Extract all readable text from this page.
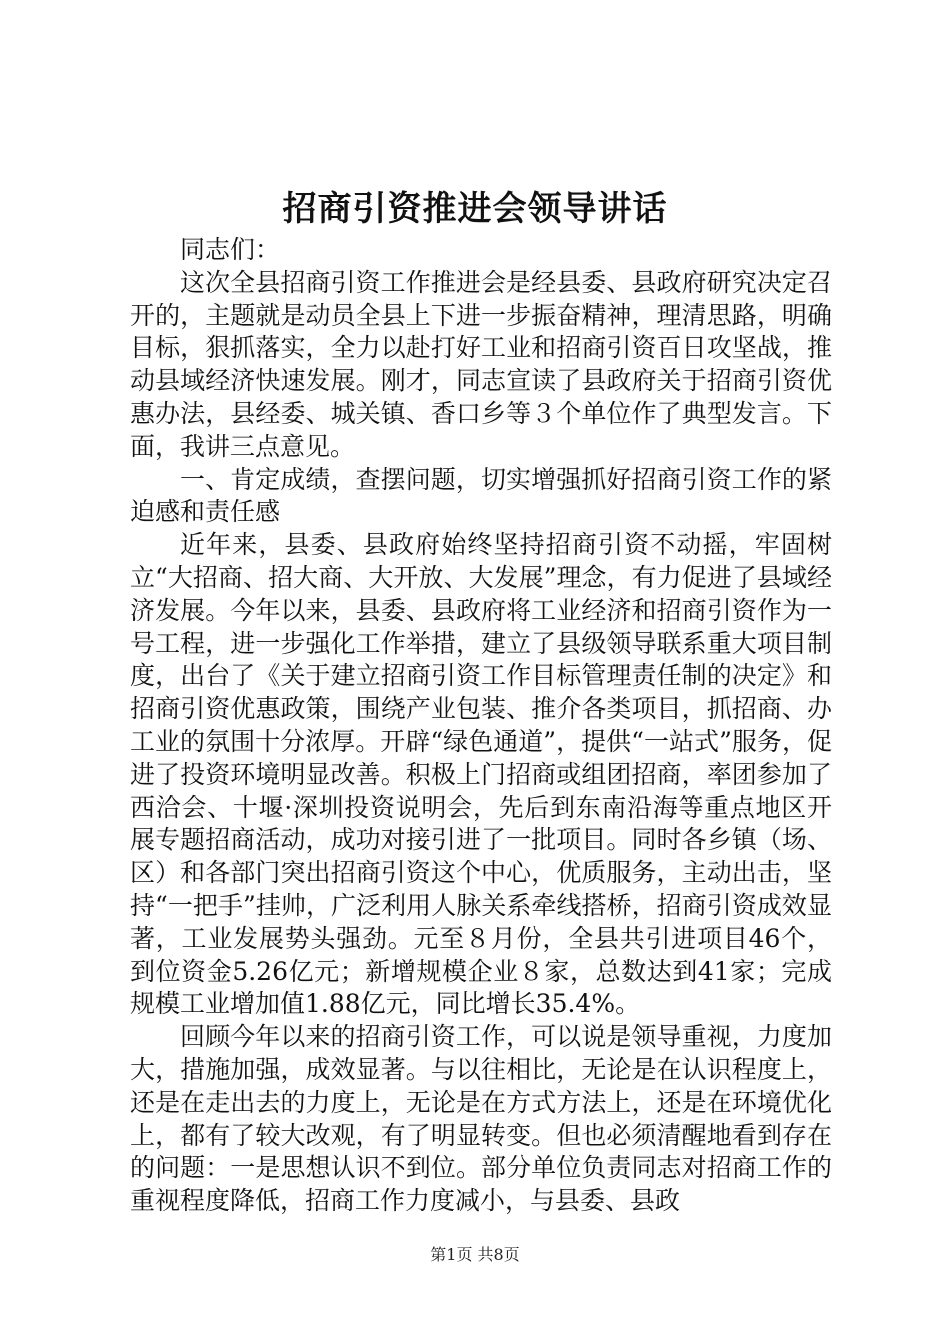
招商引资推进会领导讲话

同志们：

这次全县招商引资工作推进会是经县委、县政府研究决定召开的，主题就是动员全县上下进一步振奋精神，理清思路，明确目标，狠抓落实，全力以赴打好工业和招商引资百日攻坚战，推动县域经济快速发展。刚才，同志宣读了县政府关于招商引资优惠办法，县经委、城关镇、香口乡等３个单位作了典型发言。下面，我讲三点意见。

一、肯定成绩，查摆问题，切实增强抓好招商引资工作的紧迫感和责任感

近年来，县委、县政府始终坚持招商引资不动摇，牢固树立“大招商、招大商、大开放、大发展”理念，有力促进了县域经济发展。今年以来，县委、县政府将工业经济和招商引资作为一号工程，进一步强化工作举措，建立了县级领导联系重大项目制度，出台了《关于建立招商引资工作目标管理责任制的决定》和招商引资优惠政策，围绕产业包装、推介各类项目，抓招商、办工业的氛围十分浓厚。开辟“绿色通道”，提供“一站式”服务，促进了投资环境明显改善。积极上门招商或组团招商，率团参加了西洽会、十堰·深圳投资说明会，先后到东南沿海等重点地区开展专题招商活动，成功对接引进了一批项目。同时各乡镇（场、区）和各部门突出招商引资这个中心，优质服务，主动出击，坚持“一把手”挂帅，广泛利用人脉关系牵线搭桥，招商引资成效显著，工业发展势头强劲。元至８月份，全县共引进项目46个，到位资金5.26亿元；新增规模企业８家，总数达到41家；完成规模工业增加值1.88亿元，同比增长35.4%。

回顾今年以来的招商引资工作，可以说是领导重视，力度加大，措施加强，成效显著。与以往相比，无论是在认识程度上，还是在走出去的力度上，无论是在方式方法上，还是在环境优化上，都有了较大改观，有了明显转变。但也必须清醒地看到存在的问题：一是思想认识不到位。部分单位负责同志对招商工作的重视程度降低，招商工作力度减小，与县委、县政

第1页 共8页
